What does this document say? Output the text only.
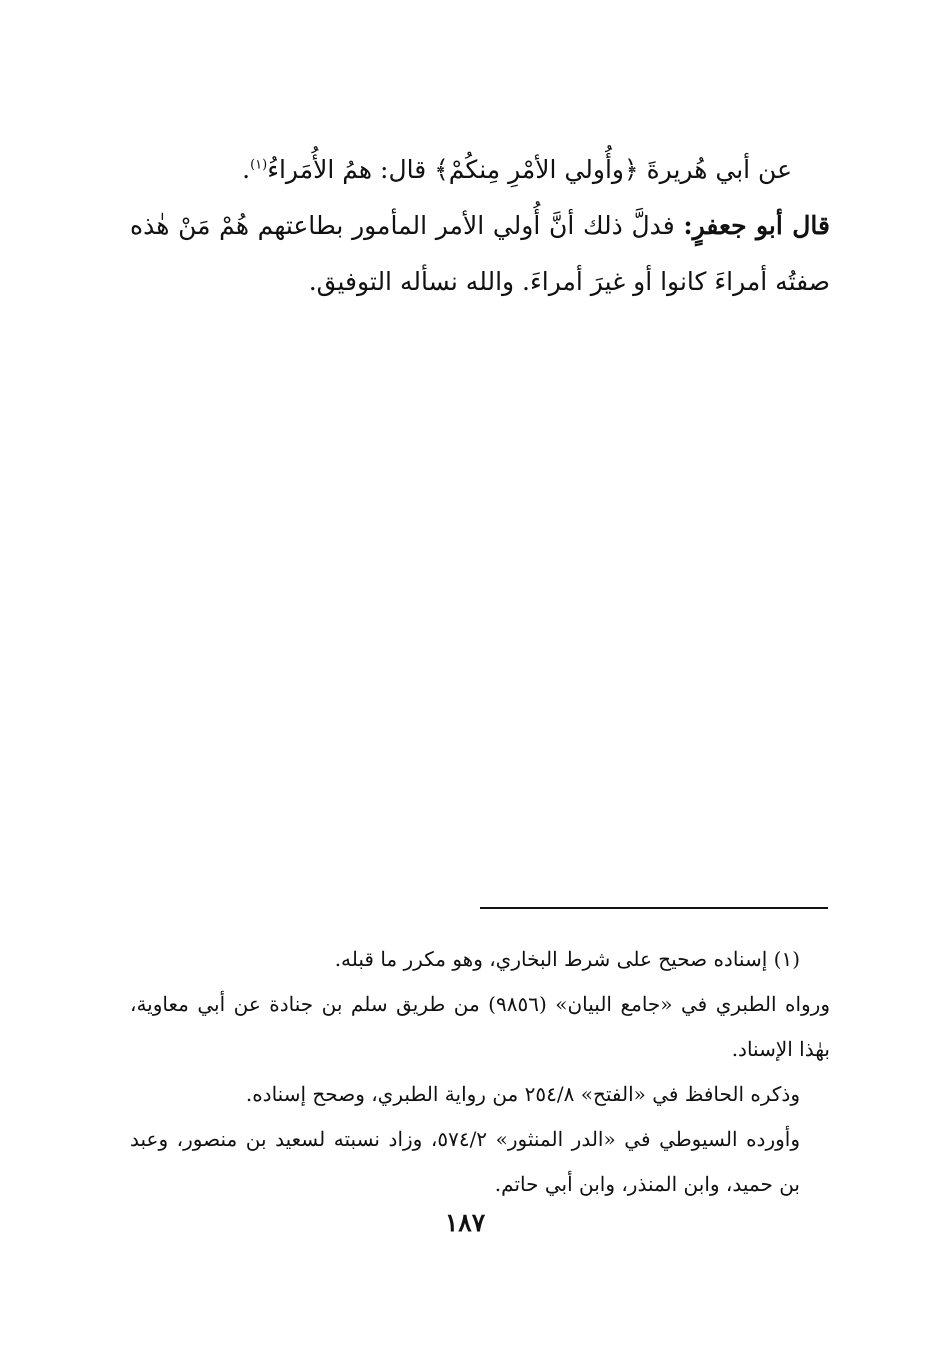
عن أبي هُريرةَ ﴿وأُولي الأمْرِ مِنكُمْ﴾ قال: همُ الأُمَراءُ$^{(١)}$.

قال أبو جعفرٍ: فدلَّ ذلك أنَّ أُولي الأمر المأمور بطاعتهم هُمْ مَنْ هٰذه صفتُه أمراءَ كانوا أو غيرَ أمراءَ. والله نسأله التوفيق.

(١) إسناده صحيح على شرط البخاري، وهو مكرر ما قبله.

ورواه الطبري في «جامع البيان» (٩٨٥٦) من طريق سلم بن جنادة عن أبي معاوية، بهٰذا الإسناد.

وذكره الحافظ في «الفتح» ٢٥٤/٨ من رواية الطبري، وصحح إسناده.

وأورده السيوطي في «الدر المنثور» ٥٧٤/٢، وزاد نسبته لسعيد بن منصور، وعبد بن حميد، وابن المنذر، وابن أبي حاتم.

١٨٧
